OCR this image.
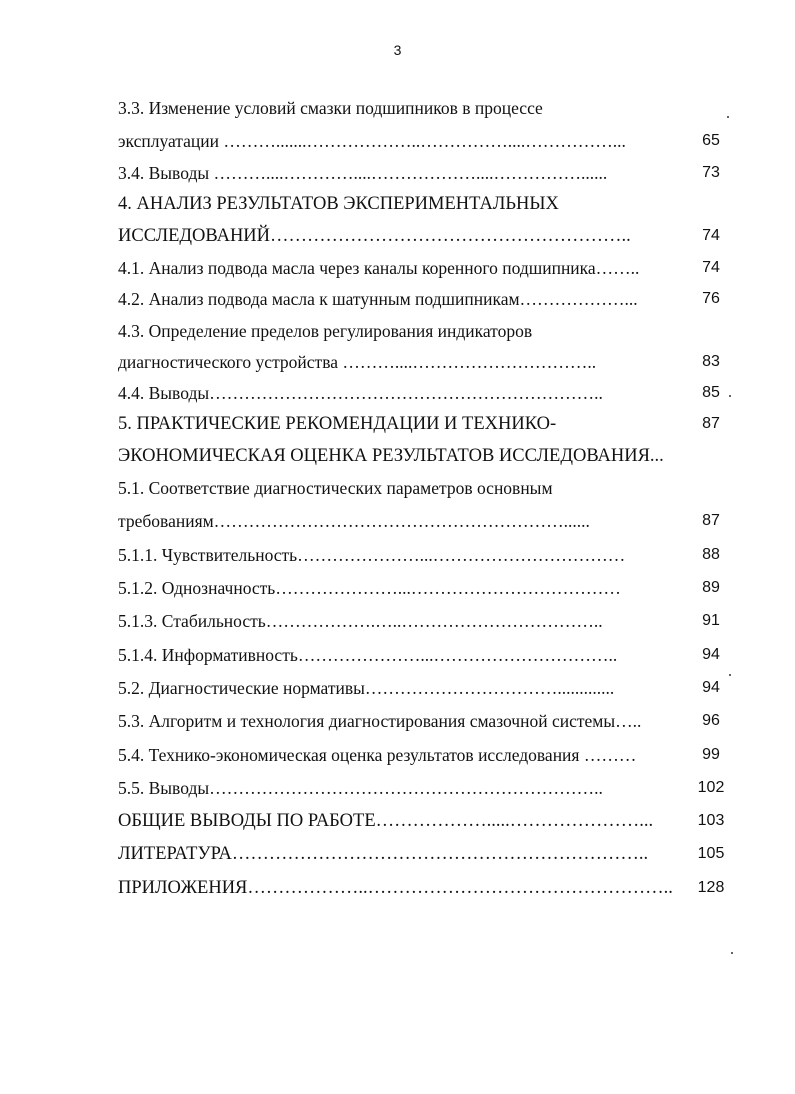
3
3.3. Изменение условий смазки подшипников в процессе
эксплуатации ……….......………………..……………....……………...	65
3.4. Выводы ………....…………....………………....……………......	73
4. АНАЛИЗ РЕЗУЛЬТАТОВ ЭКСПЕРИМЕНТАЛЬНЫХ
ИССЛЕДОВАНИЙ…………………………………………………..	74
4.1. Анализ подвода масла через каналы коренного подшипника……..	74
4.2. Анализ подвода масла к шатунным подшипникам………………...	76
4.3. Определение пределов регулирования индикаторов
диагностического устройства ………....…………………………..	83
4.4. Выводы…………………………………………………………..	85
5. ПРАКТИЧЕСКИЕ РЕКОМЕНДАЦИИ И ТЕХНИКО-	87
ЭКОНОМИЧЕСКАЯ ОЦЕНКА РЕЗУЛЬТАТОВ ИССЛЕДОВАНИЯ...
5.1. Соответствие диагностических параметров основным
требованиям……………………………………………………......	87
5.1.1. Чувствительность…………………...……………………………	88
5.1.2. Однозначность…………………...………………………………	89
5.1.3. Стабильность……………….…..……………………………..	91
5.1.4. Информативность…………………...…………………………..	94
5.2. Диагностические нормативы…………………………….............	94
5.3. Алгоритм и технология диагностирования смазочной системы…..	96
5.4. Технико-экономическая оценка результатов исследования ………	99
5.5. Выводы…………………………………………………………..	102
ОБЩИЕ ВЫВОДЫ ПО РАБОТЕ……………….....…………………...	103
ЛИТЕРАТУРА…………………………………………………………..	105
ПРИЛОЖЕНИЯ………………..…………………………………………..	128
